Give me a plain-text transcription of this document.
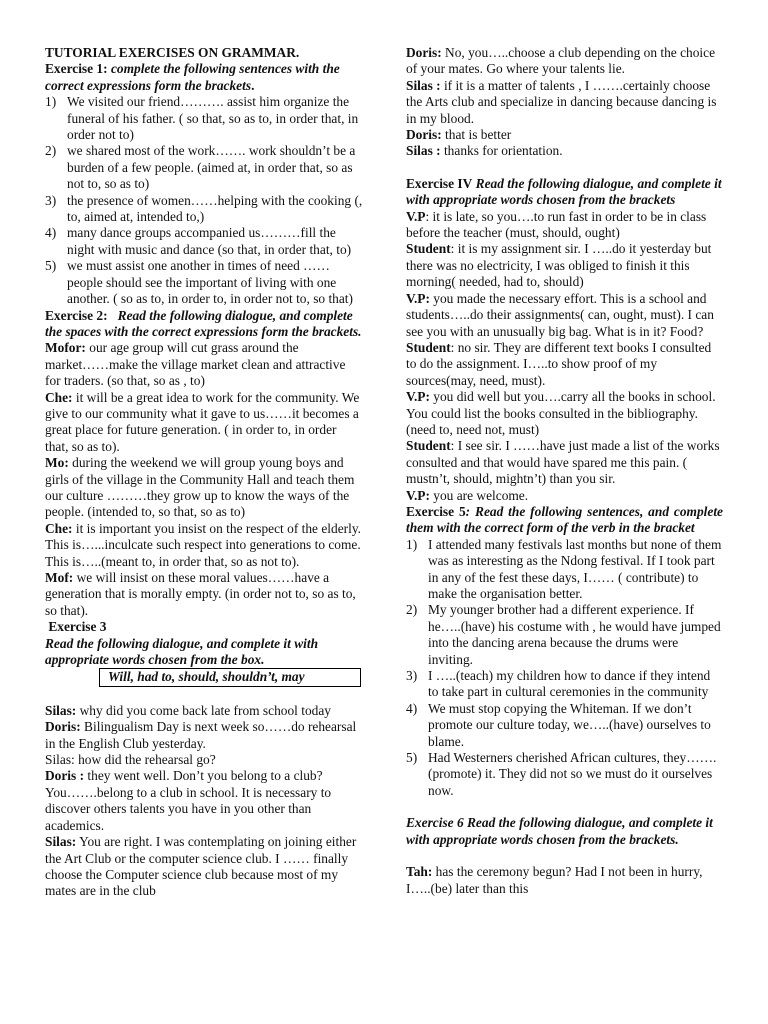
TUTORIAL EXERCISES ON GRAMMAR.

Exercise 1: complete the following sentences with the correct expressions form the brackets.

1) We visited our friend………. assist him organize the funeral of his father. ( so that, so as to, in order that, in order not to)
2) we shared most of the work……. work shouldn’t be a burden of a few people. (aimed at, in order that, so as not to, so as to)
3) the presence of women……helping with the cooking (, to, aimed at, intended to,)
4) many dance groups accompanied us………fill the night with music and dance (so that, in order that, to)
5) we must assist one another in times of need …… people should see the important of living with one another. ( so as to, in order to, in order not to, so that)

Exercise 2: Read the following dialogue, and complete the spaces with the correct expressions form the brackets.

Mofor: our age group will cut grass around the market……make the village market clean and attractive for traders. (so that, so as , to)

Che: it will be a great idea to work for the community. We give to our community what it gave to us……it becomes a great place for future generation. ( in order to, in order that, so as to).

Mo: during the weekend we will group young boys and girls of the village in the Community Hall and teach them our culture ………they grow up to know the ways of the people. (intended to, so that, so as to)

Che: it is important you insist on the respect of the elderly. This is…...inculcate such respect into generations to come. This is…..(meant to, in order that, so as not to).

Mof: we will insist on these moral values……have a generation that is morally empty. (in order not to, so as to, so that).

Exercise 3

Read the following dialogue, and complete it with appropriate words chosen from the box.

Will, had to, should, shouldn’t, may

Silas: why did you come back late from school today

Doris: Bilingualism Day is next week so……do rehearsal in the English Club yesterday.

Silas: how did the rehearsal go?

Doris : they went well. Don’t you belong to a club? You…….belong to a club in school. It is necessary to discover others talents you have in you other than academics.

Silas: You are right. I was contemplating on joining either the Art Club or the computer science club. I …… finally choose the Computer science club because most of my mates are in the club

Doris: No, you…..choose a club depending on the choice of your mates. Go where your talents lie.

Silas : if it is a matter of talents , I …….certainly choose the Arts club and specialize in dancing because dancing is in my blood.

Doris: that is better

Silas : thanks for orientation.

Exercise IV Read the following dialogue, and complete it with appropriate words chosen from the brackets

V.P: it is late, so you….to run fast in order to be in class before the teacher (must, should, ought)

Student: it is my assignment sir. I …..do it yesterday but there was no electricity, I was obliged to finish it this morning( needed, had to, should)

V.P: you made the necessary effort. This is a school and students…..do their assignments( can, ought, must). I can see you with an unusually big bag. What is in it? Food?

Student: no sir. They are different text books I consulted to do the assignment. I…..to show proof of my sources(may, need, must).

V.P: you did well but you….carry all the books in school. You could list the books consulted in the bibliography. (need to, need not, must)

Student: I see sir. I ……have just made a list of the works consulted and that would have spared me this pain. ( mustn’t, should, mightn’t) than you sir.

V.P: you are welcome.

Exercise 5: Read the following sentences, and complete them with the correct form of the verb in the bracket

1) I attended many festivals last months but none of them was as interesting as the Ndong festival. If I took part in any of the fest these days, I…… ( contribute) to make the organisation better.
2) My younger brother had a different experience. If he…..(have) his costume with , he would have jumped into the dancing arena because the drums were inviting.
3) I …..(teach) my children how to dance if they intend to take part in cultural ceremonies in the community
4) We must stop copying the Whiteman. If we don’t promote our culture today, we…..(have) ourselves to blame.
5) Had Westerners cherished African cultures, they…….(promote) it. They did not so we must do it ourselves now.

Exercise 6 Read the following dialogue, and complete it with appropriate words chosen from the brackets.

Tah: has the ceremony begun? Had I not been in hurry, I…..(be) later than this
